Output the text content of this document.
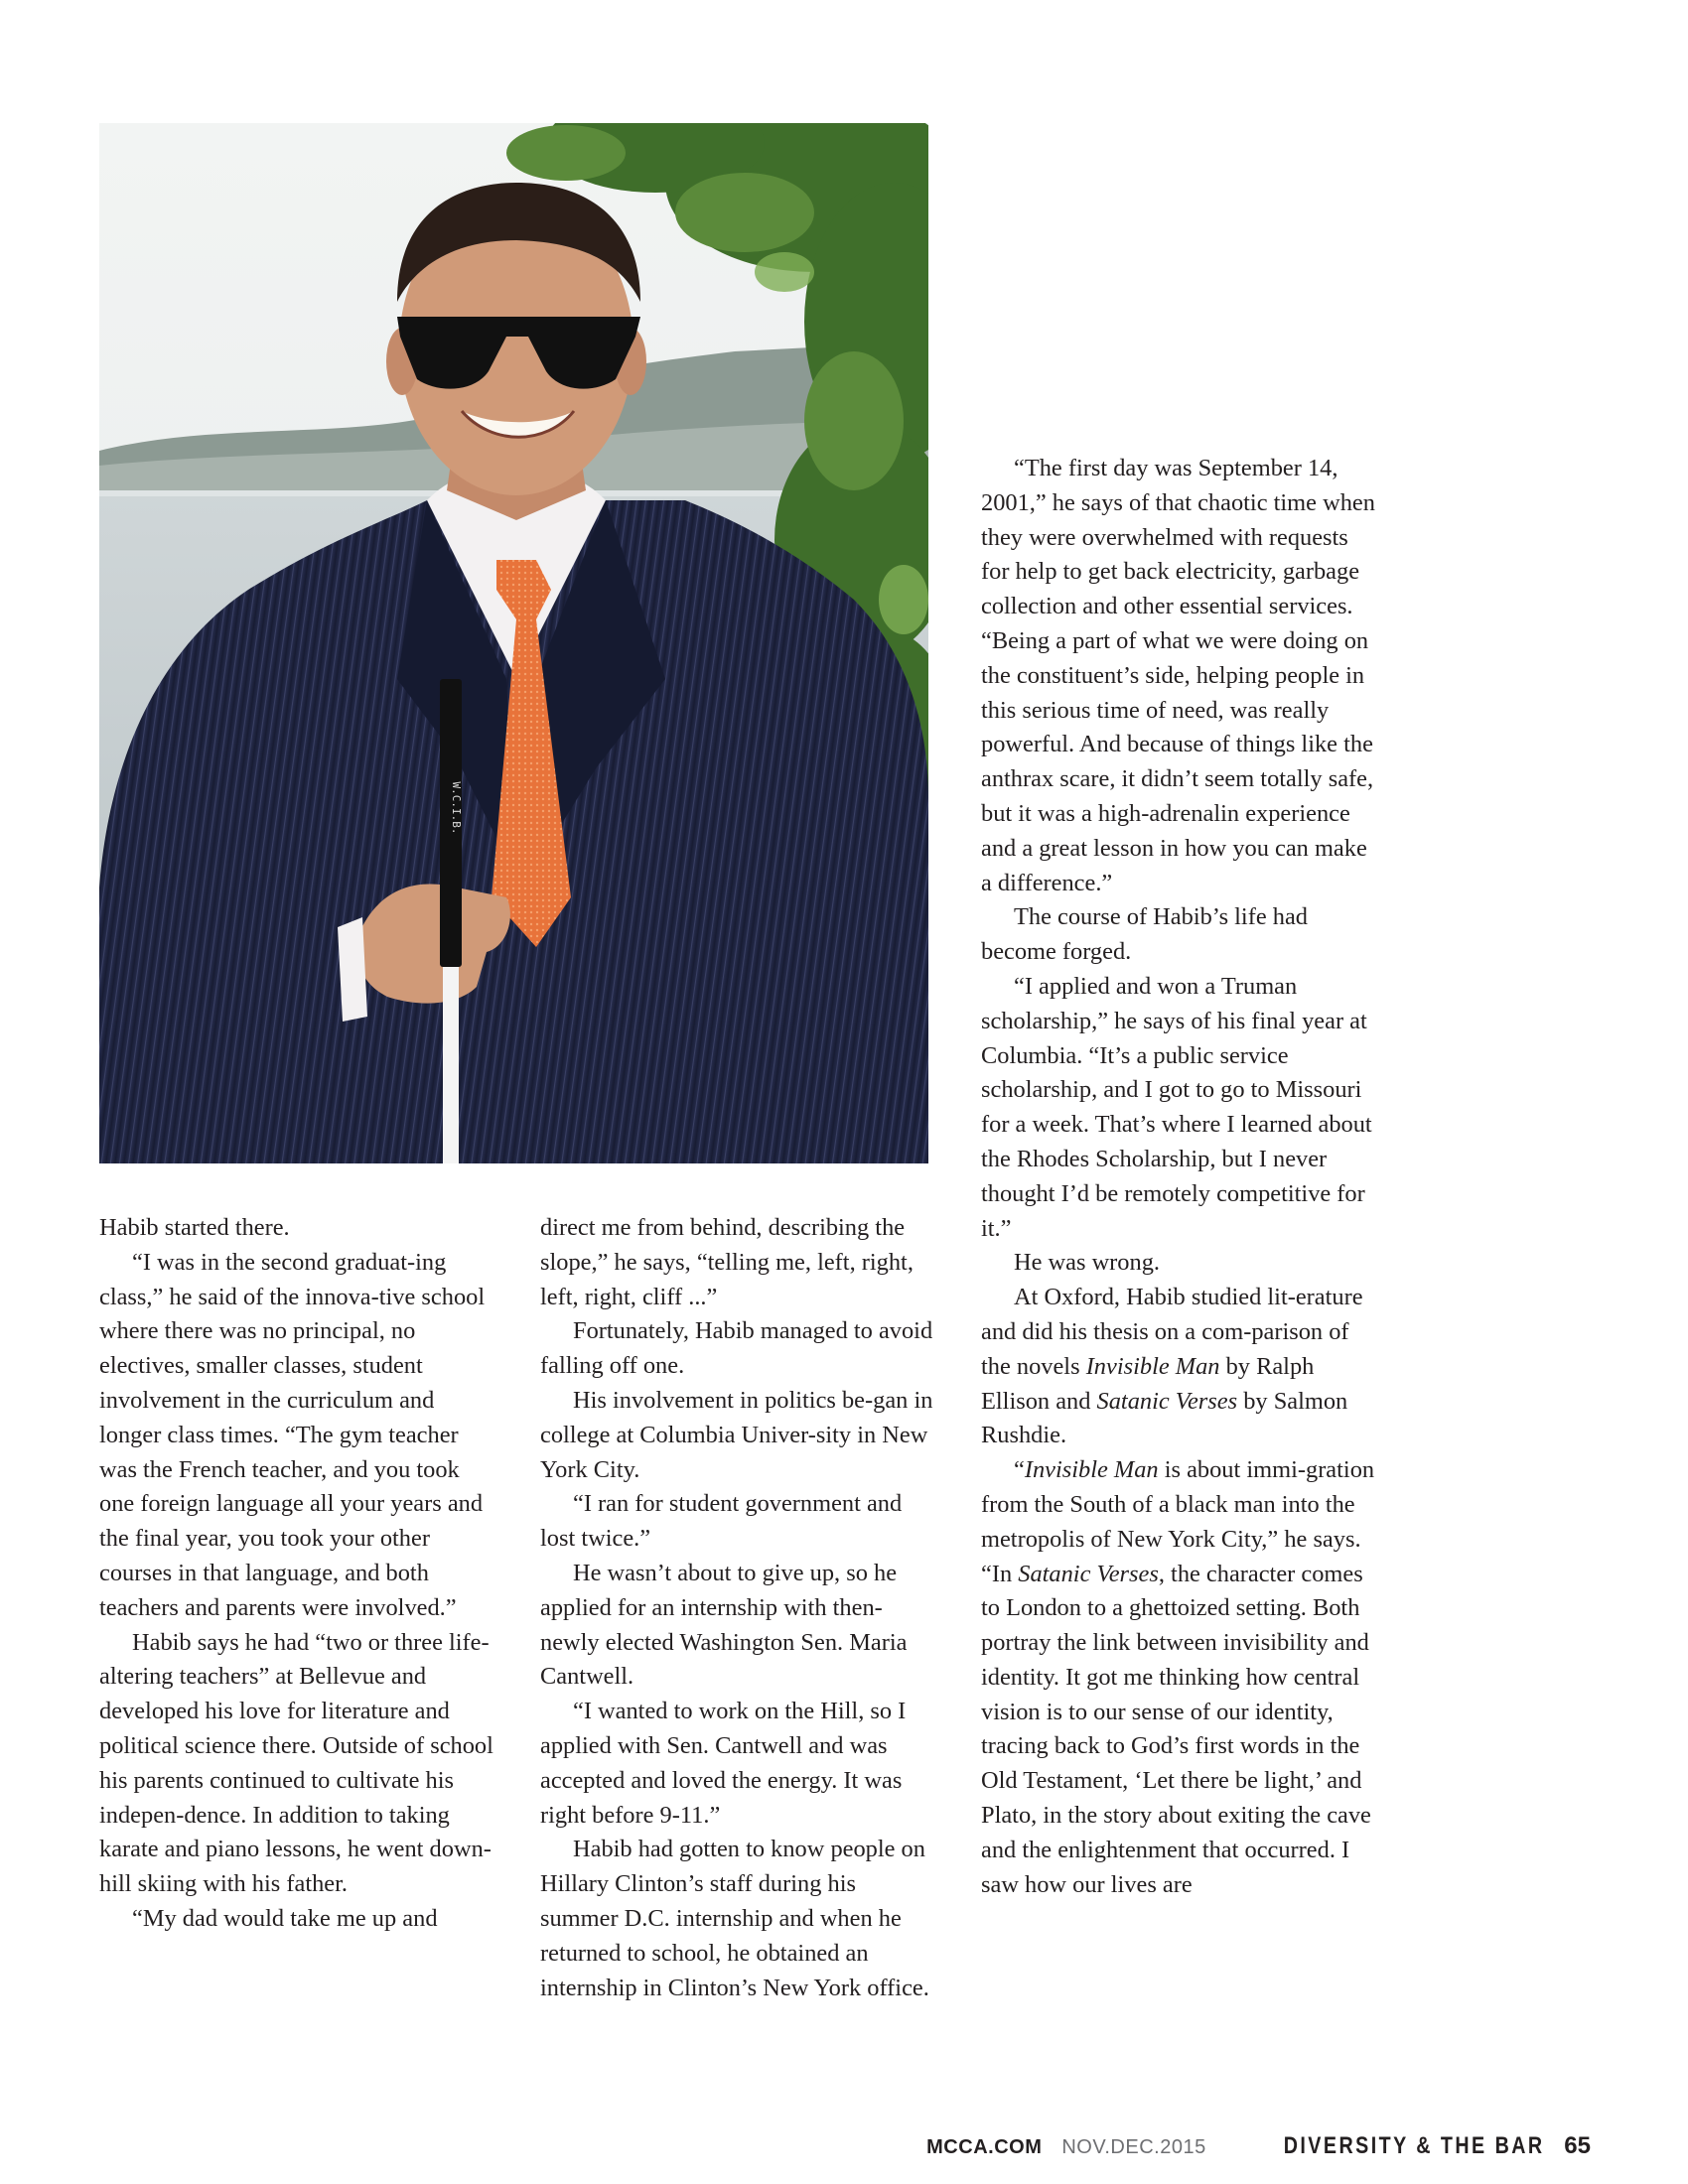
W.C.I.B.

Habib started there.

“I was in the second graduat-ing class,” he said of the innova-tive school where there was no principal, no electives, smaller classes, student involvement in the curriculum and longer class times. “The gym teacher was the French teacher, and you took one foreign language all your years and the final year, you took your other courses in that language, and both teachers and parents were involved.”

Habib says he had “two or three life-altering teachers” at Bellevue and developed his love for literature and political science there. Outside of school his parents continued to cultivate his indepen-dence. In addition to taking karate and piano lessons, he went down-hill skiing with his father.

“My dad would take me up and

direct me from behind, describing the slope,” he says, “telling me, left, right, left, right, cliff ...”

Fortunately, Habib managed to avoid falling off one.

His involvement in politics be-gan in college at Columbia Univer-sity in New York City.

“I ran for student government and lost twice.”

He wasn’t about to give up, so he applied for an internship with then-newly elected Washington Sen. Maria Cantwell.

“I wanted to work on the Hill, so I applied with Sen. Cantwell and was accepted and loved the energy. It was right before 9-11.”

Habib had gotten to know people on Hillary Clinton’s staff during his summer D.C. internship and when he returned to school, he obtained an internship in Clinton’s New York office.

“The first day was September 14, 2001,” he says of that chaotic time when they were overwhelmed with requests for help to get back electricity, garbage collection and other essential services. “Being a part of what we were doing on the constituent’s side, helping people in this serious time of need, was really powerful. And because of things like the anthrax scare, it didn’t seem totally safe, but it was a high-adrenalin experience and a great lesson in how you can make a difference.”

The course of Habib’s life had become forged.

“I applied and won a Truman scholarship,” he says of his final year at Columbia. “It’s a public service scholarship, and I got to go to Missouri for a week. That’s where I learned about the Rhodes Scholarship, but I never thought I’d be remotely competitive for it.”

He was wrong.

At Oxford, Habib studied lit-erature and did his thesis on a com-parison of the novels Invisible Man by Ralph Ellison and Satanic Verses by Salmon Rushdie.

“Invisible Man is about immi-gration from the South of a black man into the metropolis of New York City,” he says. “In Satanic Verses, the character comes to London to a ghettoized setting. Both portray the link between invisibility and identity. It got me thinking how central vision is to our sense of our identity, tracing back to God’s first words in the Old Testament, ‘Let there be light,’ and Plato, in the story about exiting the cave and the enlightenment that occurred. I saw how our lives are

MCCA.COM NOV.DEC.2015	DIVERSITY & THE BAR 65
